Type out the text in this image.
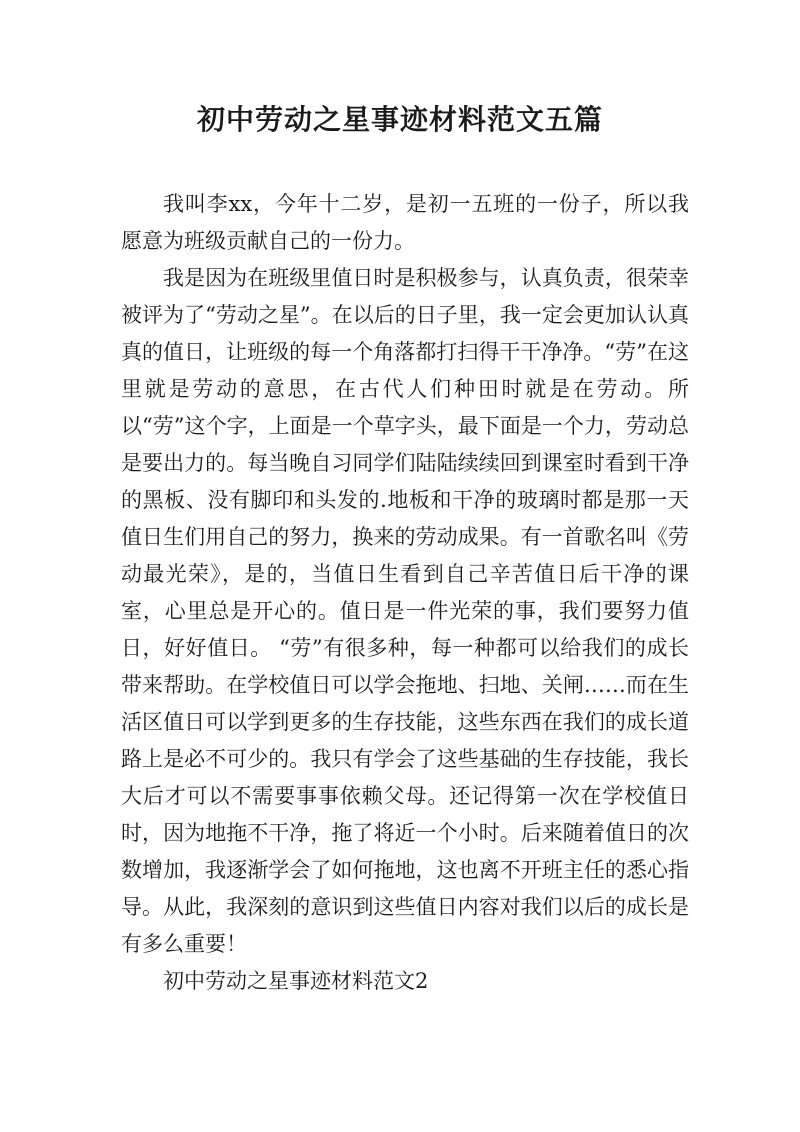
初中劳动之星事迹材料范文五篇

我叫李xx，今年十二岁，是初一五班的一份子，所以我愿意为班级贡献自己的一份力。

我是因为在班级里值日时是积极参与，认真负责，很荣幸被评为了“劳动之星”。在以后的日子里，我一定会更加认认真真的值日，让班级的每一个角落都打扫得干干净净。“劳”在这里就是劳动的意思，在古代人们种田时就是在劳动。所以“劳”这个字，上面是一个草字头，最下面是一个力，劳动总是要出力的。每当晚自习同学们陆陆续续回到课室时看到干净的黑板、没有脚印和头发的.地板和干净的玻璃时都是那一天值日生们用自己的努力，换来的劳动成果。有一首歌名叫《劳动最光荣》，是的，当值日生看到自己辛苦值日后干净的课室，心里总是开心的。值日是一件光荣的事，我们要努力值日，好好值日。 “劳”有很多种，每一种都可以给我们的成长带来帮助。在学校值日可以学会拖地、扫地、关闸……而在生活区值日可以学到更多的生存技能，这些东西在我们的成长道路上是必不可少的。我只有学会了这些基础的生存技能，我长大后才可以不需要事事依赖父母。还记得第一次在学校值日时，因为地拖不干净，拖了将近一个小时。后来随着值日的次数增加，我逐渐学会了如何拖地，这也离不开班主任的悉心指导。从此，我深刻的意识到这些值日内容对我们以后的成长是有多么重要！

初中劳动之星事迹材料范文2
